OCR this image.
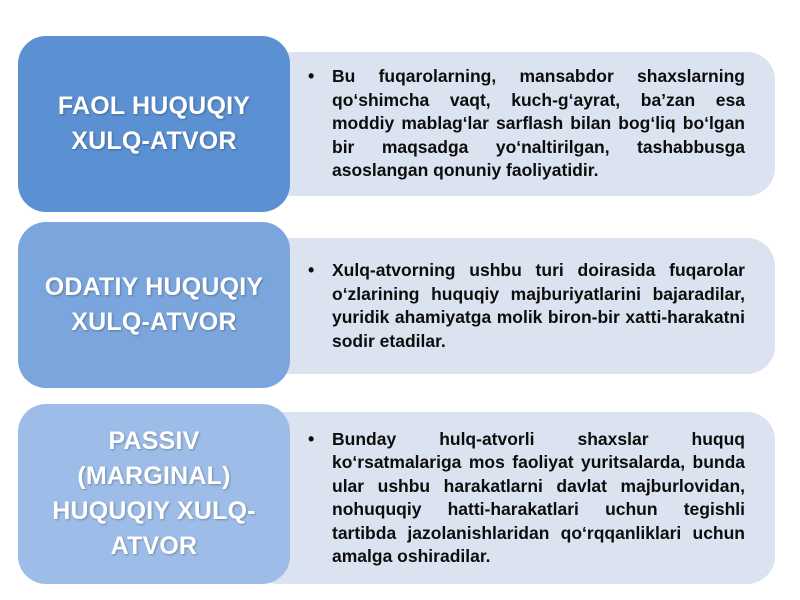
• Bu fuqarolarning, mansabdor shaxslarning qo‘shimcha vaqt, kuch-g‘ayrat, ba’zan esa moddiy mablag‘lar sarflash bilan bog‘liq bo‘lgan bir maqsadga yo‘naltirilgan, tashabbusga asoslangan qonuniy faoliyatidir.

FAOL HUQUQIY XULQ-ATVOR

• Xulq-atvorning ushbu turi doirasida fuqarolar o‘zlarining huquqiy majburiyatlarini bajaradilar, yuridik ahamiyatga molik biron-bir xatti-harakatni sodir etadilar.

ODATIY HUQUQIY XULQ-ATVOR

• Bunday hulq-atvorli shaxslar huquq ko‘rsatmalariga mos faoliyat yuritsalarda, bunda ular ushbu harakatlarni davlat majburlovidan, nohuquqiy hatti-harakatlari uchun tegishli tartibda jazolanishlaridan qo‘rqqanliklari uchun amalga oshiradilar.

PASSIV (MARGINAL) HUQUQIY XULQ-ATVOR
